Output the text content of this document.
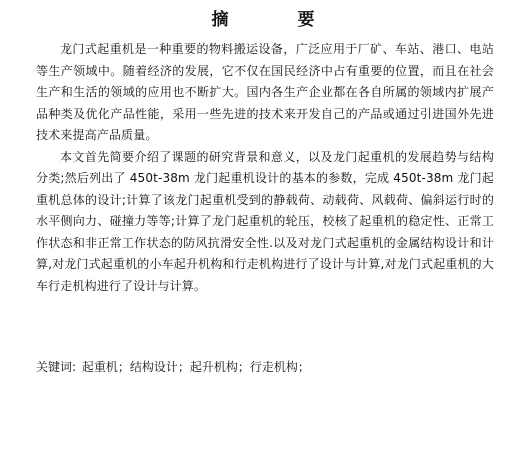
摘　要

龙门式起重机是一种重要的物料搬运设备，广泛应用于厂矿、车站、港口、电站等生产领域中。随着经济的发展，它不仅在国民经济中占有重要的位置，而且在社会生产和生活的领域的应用也不断扩大。国内各生产企业都在各自所属的领域内扩展产品种类及优化产品性能，采用一些先进的技术来开发自己的产品或通过引进国外先进技术来提高产品质量。

本文首先简要介绍了课题的研究背景和意义，以及龙门起重机的发展趋势与结构分类;然后列出了 450t-38m 龙门起重机设计的基本的参数，完成 450t-38m 龙门起重机总体的设计;计算了该龙门起重机受到的静载荷、动载荷、风载荷、偏斜运行时的水平侧向力、碰撞力等等;计算了龙门起重机的轮压，校核了起重机的稳定性、正常工作状态和非正常工作状态的防风抗滑安全性.以及对龙门式起重机的金属结构设计和计算,对龙门式起重机的小车起升机构和行走机构进行了设计与计算,对龙门式起重机的大车行走机构进行了设计与计算。

关键词: 起重机；结构设计；起升机构；行走机构；
